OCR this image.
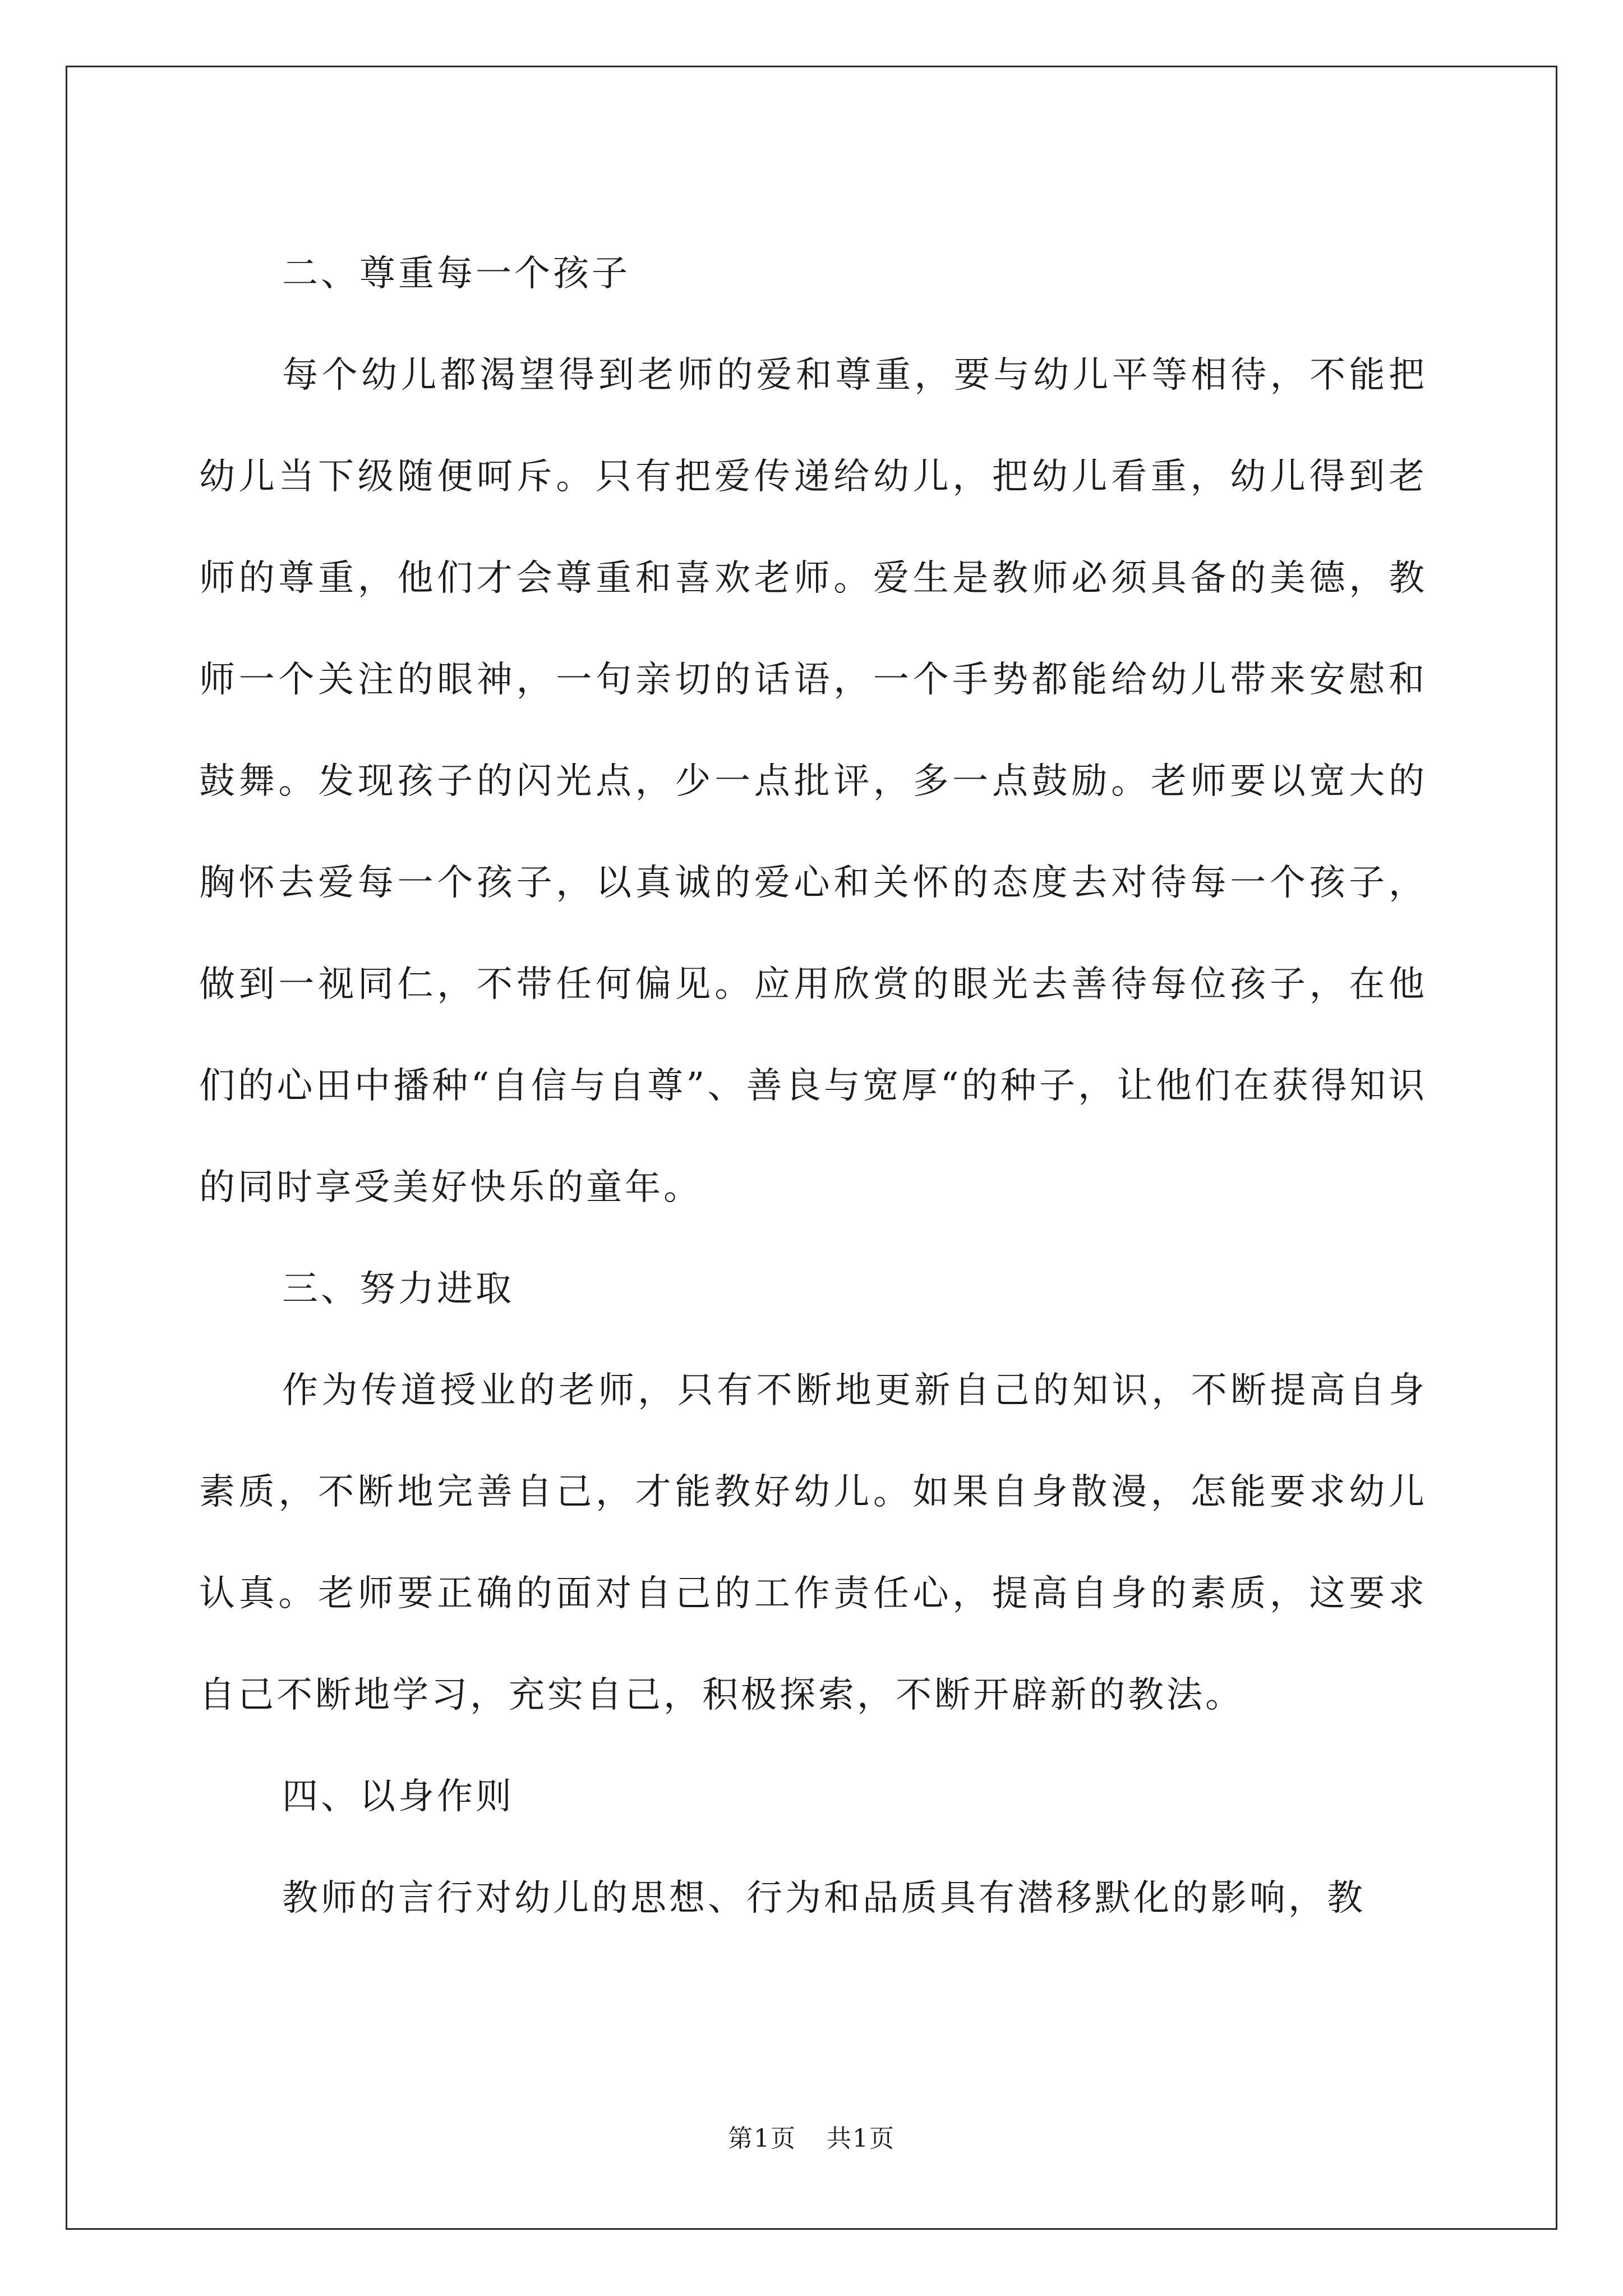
二、尊重每一个孩子

每个幼儿都渴望得到老师的爱和尊重，要与幼儿平等相待，不能把幼儿当下级随便呵斥。只有把爱传递给幼儿，把幼儿看重，幼儿得到老师的尊重，他们才会尊重和喜欢老师。爱生是教师必须具备的美德，教师一个关注的眼神，一句亲切的话语，一个手势都能给幼儿带来安慰和鼓舞。发现孩子的闪光点，少一点批评，多一点鼓励。老师要以宽大的胸怀去爱每一个孩子，以真诚的爱心和关怀的态度去对待每一个孩子，做到一视同仁，不带任何偏见。应用欣赏的眼光去善待每位孩子，在他们的心田中播种“自信与自尊”、善良与宽厚“的种子，让他们在获得知识的同时享受美好快乐的童年。

三、努力进取

作为传道授业的老师，只有不断地更新自己的知识，不断提高自身素质，不断地完善自己，才能教好幼儿。如果自身散漫，怎能要求幼儿认真。老师要正确的面对自己的工作责任心，提高自身的素质，这要求自己不断地学习，充实自己，积极探索，不断开辟新的教法。

四、以身作则

教师的言行对幼儿的思想、行为和品质具有潜移默化的影响，教

第1页 共1页
